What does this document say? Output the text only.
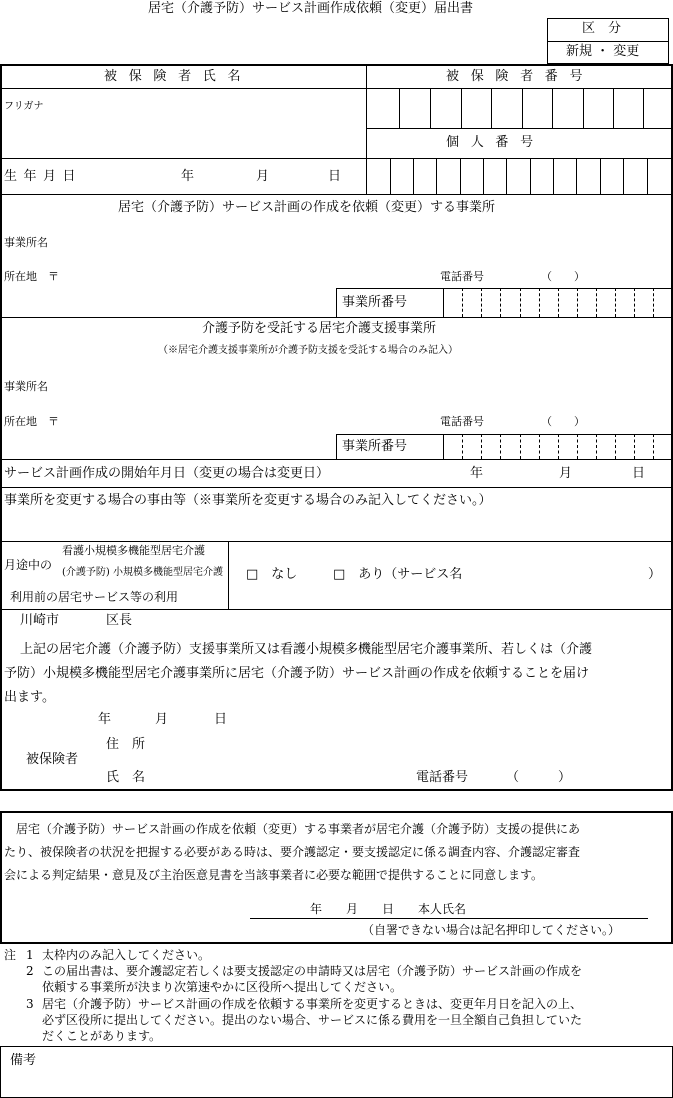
居宅（介護予防）サービス計画作成依頼（変更）届出書
区　分
新規 ・ 変更
被保険者氏名	被保険者番号
フリガナ
個人番号
生年月日	年	月	日
居宅（介護予防）サービス計画の作成を依頼（変更）する事業所
事業所名
所在地　〒	電話番号	（　　）
事業所番号
介護予防を受託する居宅介護支援事業所
（※居宅介護支援事業所が介護予防支援を受託する場合のみ記入）
事業所名
所在地　〒	電話番号	（　　）
事業所番号
サービス計画作成の開始年月日（変更の場合は変更日）	年	月	日
事業所を変更する場合の事由等（※事業所を変更する場合のみ記入してください。）
月途中の
看護小規模多機能型居宅介護
(介護予防) 小規模多機能型居宅介護
利用前の居宅サービス等の利用
□　なし	□　あり（サービス名	）
川崎市	区長
上記の居宅介護（介護予防）支援事業所又は看護小規模多機能型居宅介護事業所、若しくは（介護
予防）小規模多機能型居宅介護事業所に居宅（介護予防）サービス計画の作成を依頼することを届け
出ます。
年	月	日
住　所
被保険者
氏　名	電話番号	（　　　）
居宅（介護予防）サービス計画の作成を依頼（変更）する事業者が居宅介護（介護予防）支援の提供にあ
たり、被保険者の状況を把握する必要がある時は、要介護認定・要支援認定に係る調査内容、介護認定審査
会による判定結果・意見及び主治医意見書を当該事業者に必要な範囲で提供することに同意します。
年　　月　　日　　本人氏名
（自署できない場合は記名押印してください。）
注 1 太枠内のみ記入してください。
2 この届出書は、要介護認定若しくは要支援認定の申請時又は居宅（介護予防）サービス計画の作成を
依頼する事業所が決まり次第速やかに区役所へ提出してください。
3 居宅（介護予防）サービス計画の作成を依頼する事業所を変更するときは、変更年月日を記入の上、
必ず区役所に提出してください。提出のない場合、サービスに係る費用を一旦全額自己負担していた
だくことがあります。
備考
